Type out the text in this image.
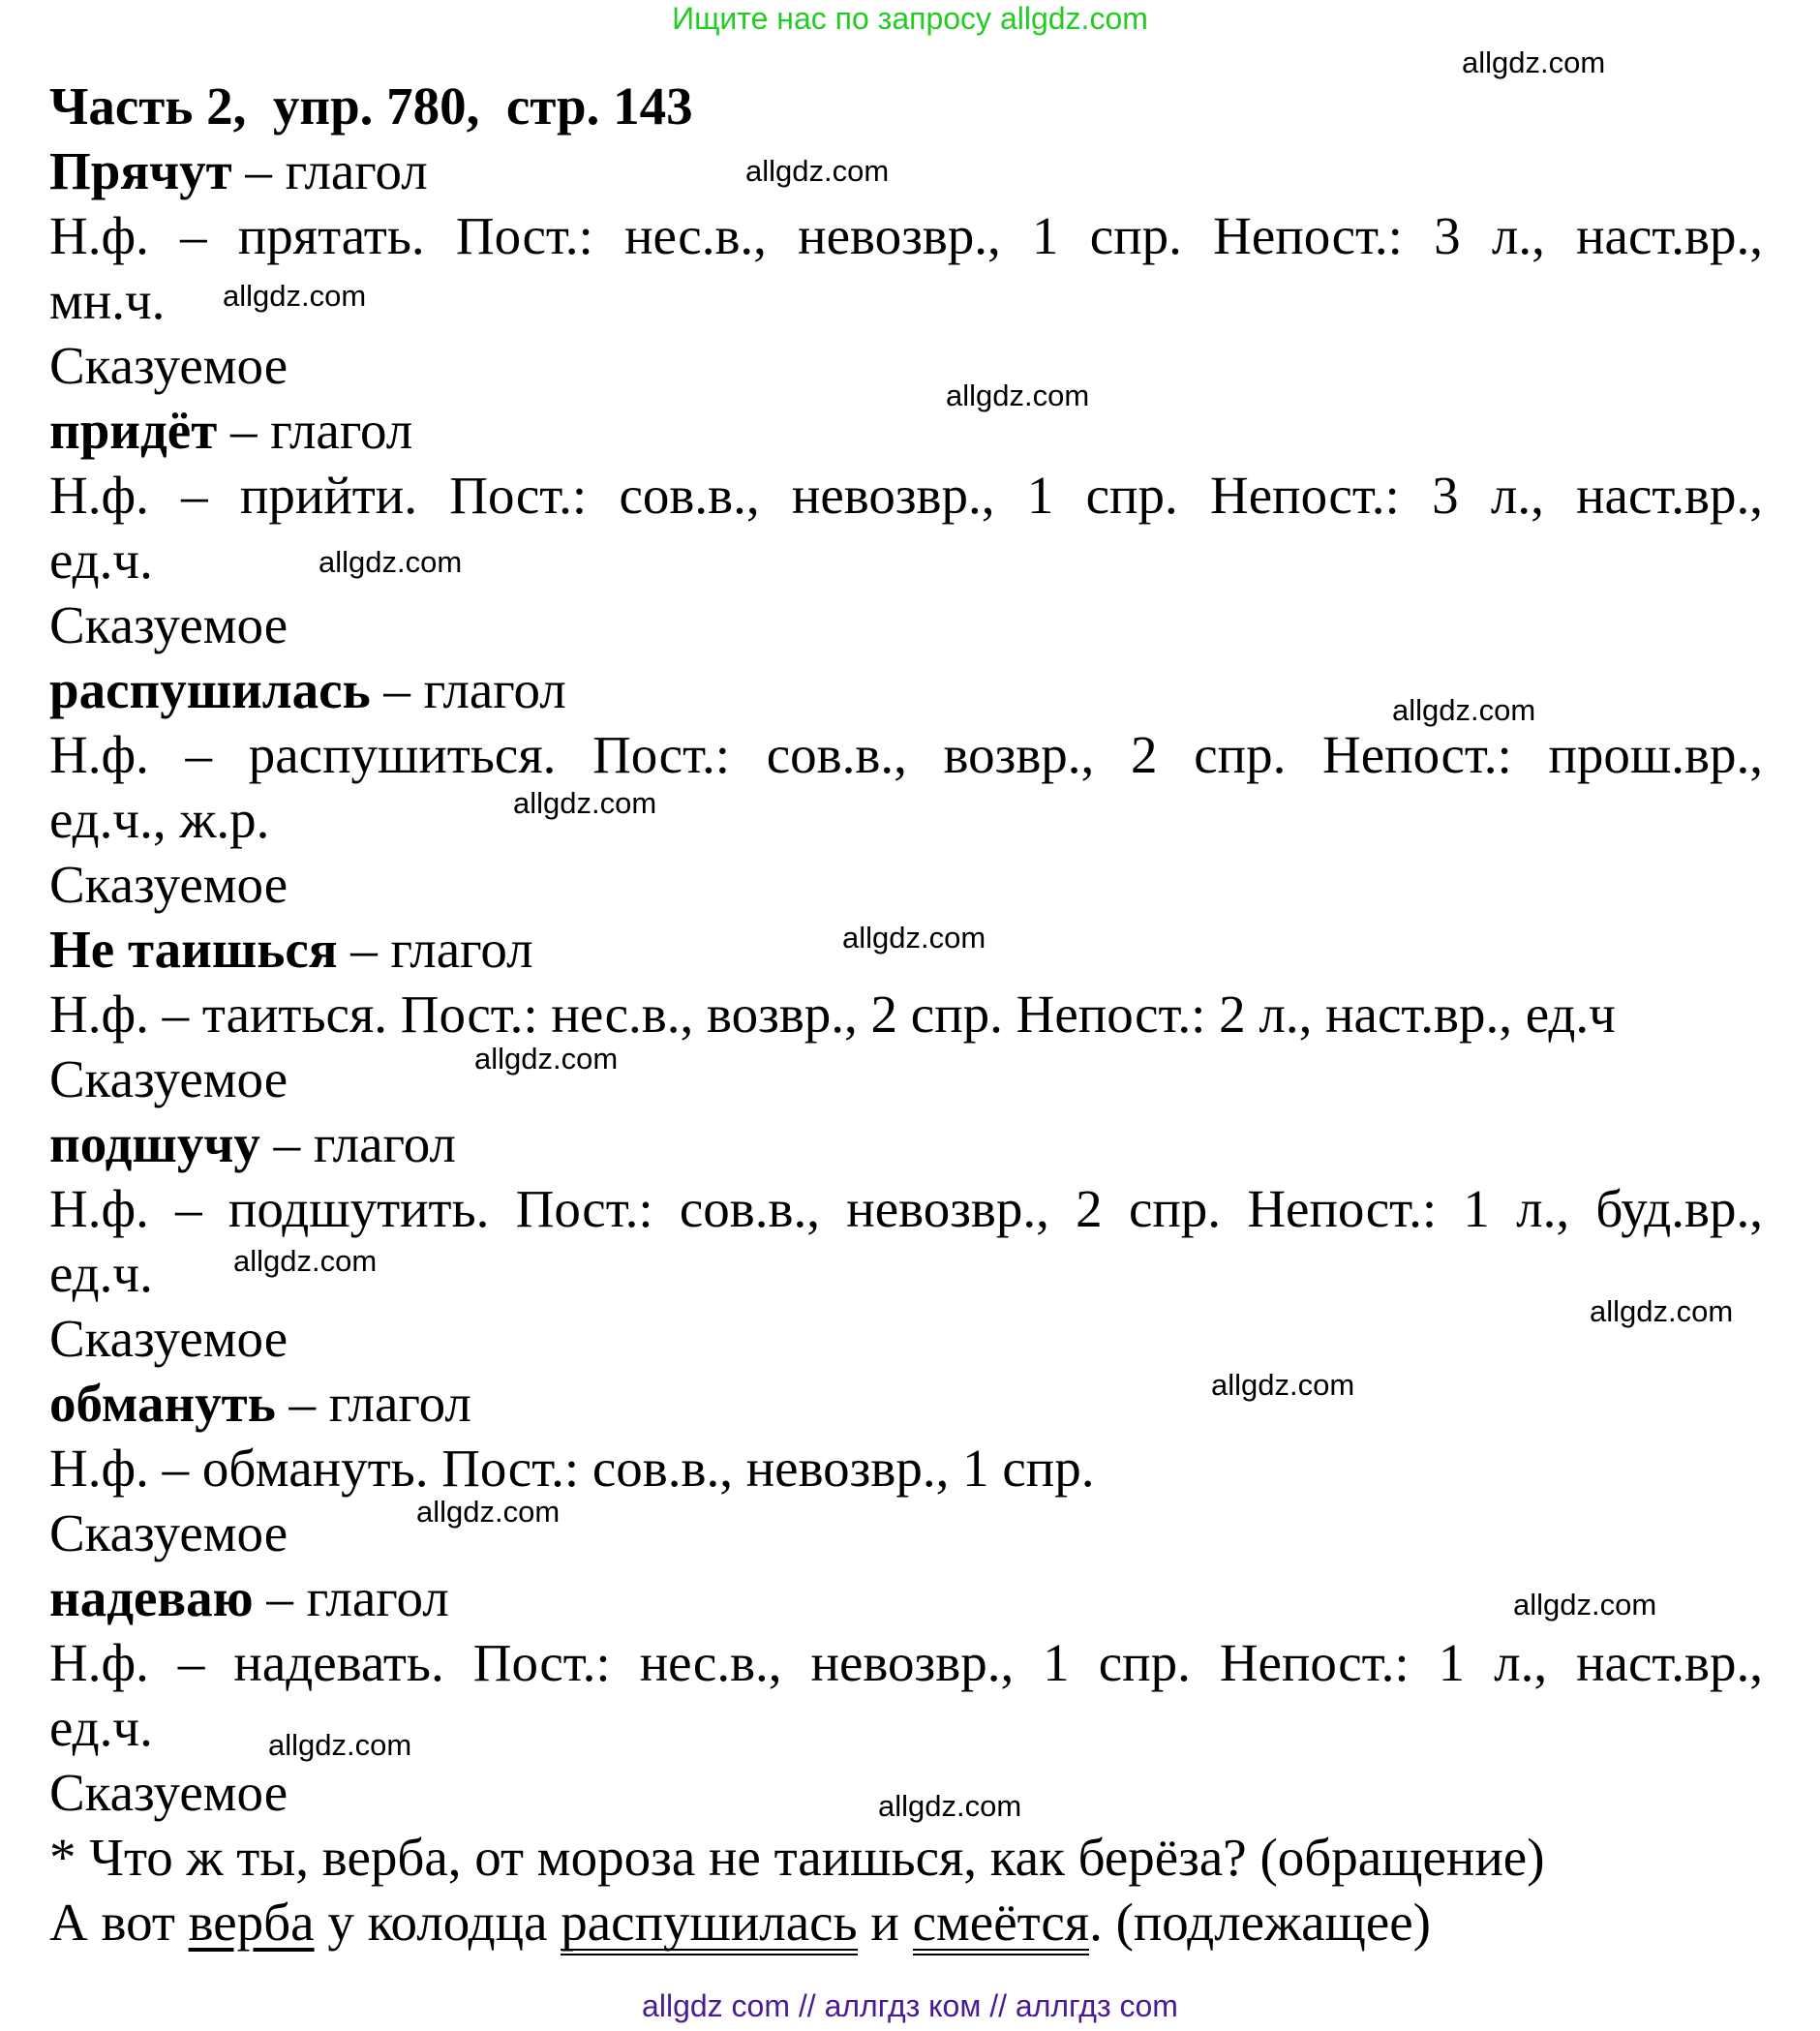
Ищите нас по запросу allgdz.com
Часть 2,  упр. 780,  стр. 143
Прячут – глагол
Н.ф. – прятать. Пост.: нес.в., невозвр., 1 спр. Непост.: 3 л., наст.вр.,
мн.ч.
Сказуемое
придёт – глагол
Н.ф. – прийти. Пост.: сов.в., невозвр., 1 спр. Непост.: 3 л., наст.вр.,
ед.ч.
Сказуемое
распушилась – глагол
Н.ф. – распушиться. Пост.: сов.в., возвр., 2 спр. Непост.: прош.вр.,
ед.ч., ж.р.
Сказуемое
Не таишься – глагол
Н.ф. – таиться. Пост.: нес.в., возвр., 2 спр. Непост.: 2 л., наст.вр., ед.ч
Сказуемое
подшучу – глагол
Н.ф. – подшутить. Пост.: сов.в., невозвр., 2 спр. Непост.: 1 л., буд.вр.,
ед.ч.
Сказуемое
обмануть – глагол
Н.ф. – обмануть. Пост.: сов.в., невозвр., 1 спр.
Сказуемое
надеваю – глагол
Н.ф. – надевать. Пост.: нес.в., невозвр., 1 спр. Непост.: 1 л., наст.вр.,
ед.ч.
Сказуемое
* Что ж ты, верба, от мороза не таишься, как берёза? (обращение)
А вот верба у колодца распушилась и смеётся. (подлежащее)
allgdz.com
allgdz.com
allgdz.com
allgdz.com
allgdz.com
allgdz.com
allgdz.com
allgdz.com
allgdz.com
allgdz.com
allgdz.com
allgdz.com
allgdz.com
allgdz.com
allgdz.com
allgdz.com
allgdz com // аллгдз ком // аллгдз com
